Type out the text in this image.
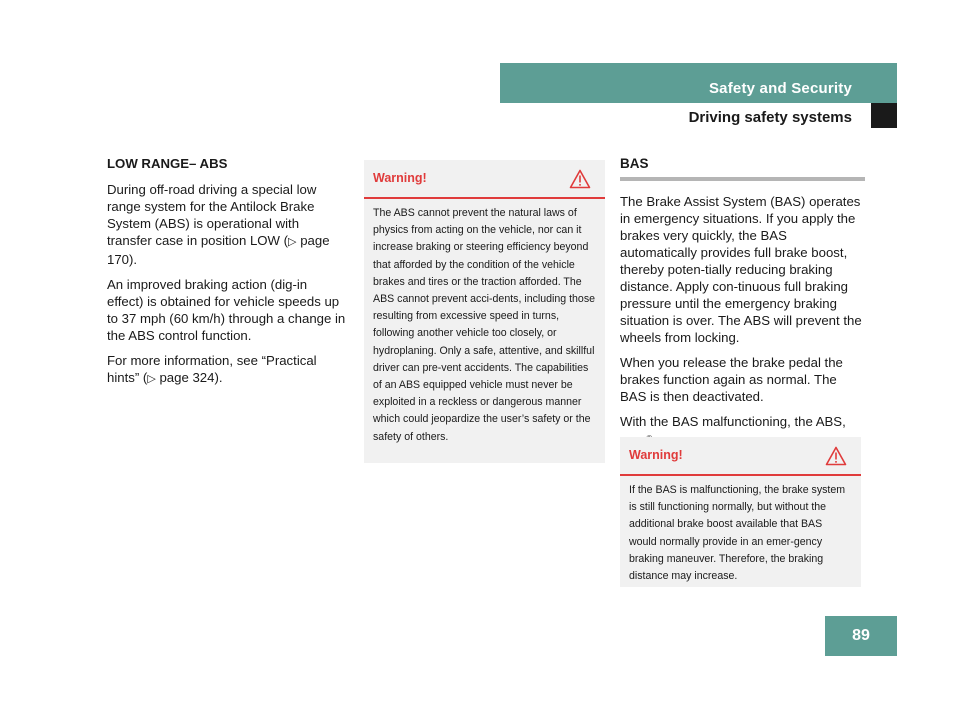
Safety and Security
Driving safety systems

LOW RANGE– ABS

During off-road driving a special low range system for the Antilock Brake System (ABS) is operational with transfer case in position LOW (▷ page 170).

An improved braking action (dig-in effect) is obtained for vehicle speeds up to 37 mph (60 km/h) through a change in the ABS control function.

For more information, see “Practical hints” (▷ page 324).

Warning!
The ABS cannot prevent the natural laws of physics from acting on the vehicle, nor can it increase braking or steering efficiency beyond that afforded by the condition of the vehicle brakes and tires or the traction afforded. The ABS cannot prevent acci-dents, including those resulting from excessive speed in turns, following another vehicle too closely, or hydroplaning. Only a safe, attentive, and skillful driver can pre-vent accidents. The capabilities of an ABS equipped vehicle must never be exploited in a reckless or dangerous manner which could jeopardize the user’s safety or the safety of others.
BAS

The Brake Assist System (BAS) operates in emergency situations. If you apply the brakes very quickly, the BAS automatically provides full brake boost, thereby poten-tially reducing braking distance. Apply con-tinuous full braking pressure until the emergency braking situation is over. The ABS will prevent the wheels from locking.

When you release the brake pedal the brakes function again as normal. The BAS is then deactivated.

With the BAS malfunctioning, the ABS,

Warning!
If the BAS is malfunctioning, the brake system is still functioning normally, but without the additional brake boost available that BAS would normally provide in an emer-gency braking maneuver. Therefore, the braking distance may increase.
89
